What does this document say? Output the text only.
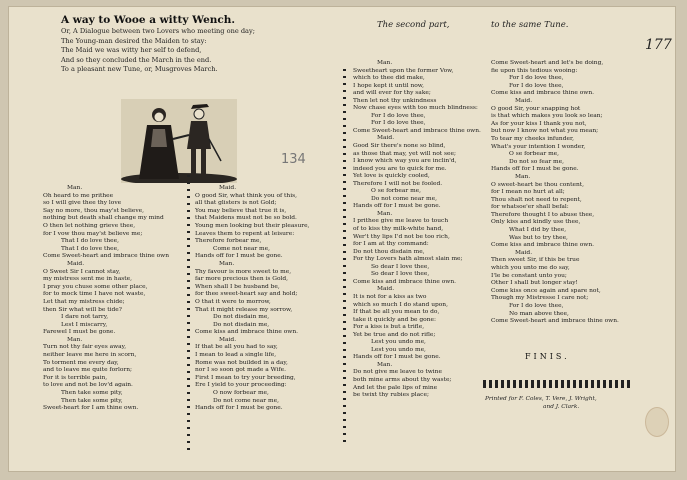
177
A way to Wooe a witty Wench.
Or, A Dialogue between two Lovers who meeting one day;
The Young-man desired the Maiden to stay:
The Maid we was witty her self to defend,
And so they concluded the March in the end.
To a pleasant new Tune, or, Musgroves March.
The second part,	to the same Tune.
134
Man.
Oh heard to me prithee
so I will give thee thy love
Say no more, thou may'st believe,
nothing but death shall change my mind
O then let nothing grieve thee,
for I vow thou may'st believe me;
That I do love thee,
That I do love thee,
Come Sweet-heart and imbrace thine own
Maid.
O Sweet Sir I cannot stay,
my mistress sent me in haste,
I pray you chuse some other place,
for to mock time I have not waste,
Let that my mistress chide;
then Sir what will be tide?
I dare not tarry,
Lest I miscarry,
Farewel I must be gone.
Man.
Turn not thy fair eyes away,
neither leave me here in scorn,
To torment me every day,
and to leave me quite forlorn;
For it is terrible pain,
to love and not be lov'd again.
Then take some pity,
Then take some pity,
Sweet-heart for I am thine own.
Maid.
O good Sir, what think you of this,
all that glisters is not Gold;
You may believe that true it is,
that Maidens must not be so bold.
Young men looking but their pleasure,
Leaves them to repent at leisure:
Therefore forbear me,
Come not near me,
Hands off for I must be gone.
Man.
Thy favour is more sweet to me,
far more precious then is Gold,
When shall I be husband be,
for thee sweet-heart say and hold;
O that it were to morrow,
That it might release my sorrow,
Do not disdain me,
Do not disdain me,
Come kiss and imbrace thine own.
Maid.
If that be all you had to say,
I mean to lead a single life,
Rome was not builded in a day,
nor I so soon got made a Wife.
First I mean to try your breeding,
Ere I yield to your proceeding:
O now forbear me,
Do not come near me,
Hands off for I must be gone.
Man.
Sweetheart upon the former Vow,
which to thee did make,
I hope kept it until now,
and will ever for thy sake;
Then let not thy unkindness
Now chase eyes with too much blindness:
For I do love thee,
For I do love thee,
Come Sweet-heart and imbrace thine own.
Maid.
Good Sir there's none so blind,
as those that may, yet will not see;
I know which way you are inclin'd,
indeed you are to quick for me.
Yet love is quickly cooled,
Therefore I will not be fooled.
O se forbear me,
Do not come near me,
Hands off for I must be gone.
Man.
I prithee give me leave to touch
of to kiss thy milk-white hand,
Wer't thy lips I'd not be too rich,
for I am at thy command:
Do not thou disdain me,
For thy Lovers hath almost slain me;
So dear I love thee,
So dear I love thee,
Come kiss and imbrace thine own.
Maid.
It is not for a kiss as two
which so much I do stand upon,
If that be all you mean to do,
take it quickly and be gone:
For a kiss is but a trifle,
Yet be true and do not rifle;
Lest you undo me,
Lest you undo me,
Hands off for I must be gone.
Man.
Do not give me leave to twine
both mine arms about thy waste;
And let the pale lips of mine
be twixt thy rubies place;
Come Sweet-heart and let's be doing,
fie upon this tedious wooing:
For I do love thee,
For I do love thee,
Come kiss and imbrace thine own.
Maid.
O good Sir, your snapping hot
is that which makes you look so lean;
As for your kiss I thank you not,
but now I know not what you mean;
To tear my cheeks infunder,
What's your intention I wonder,
O se forbear me,
Do not so fear me,
Hands off for I must be gone.
Man.
O sweet-heart be thou content,
for I mean no hurt at all;
Thou shalt not need to repent,
for whatsoe'er shall befal:
Therefore thought I to abuse thee,
Only kiss and kindly use thee,
What I did by thee,
Was but to try thee,
Come kiss and imbrace thine own.
Maid.
Then sweet Sir, if this be true
which you unto me do say,
I'le be constant unto you;
Other I shall but longer stay!
Come kiss once again and spare not,
Though my Mistresse I care not;
For I do love thee,
No man above thee,
Come Sweet-heart and imbrace thine own.
FINIS.
Printed for F. Coles, T. Vere, J. Wright,
and J. Clark.
